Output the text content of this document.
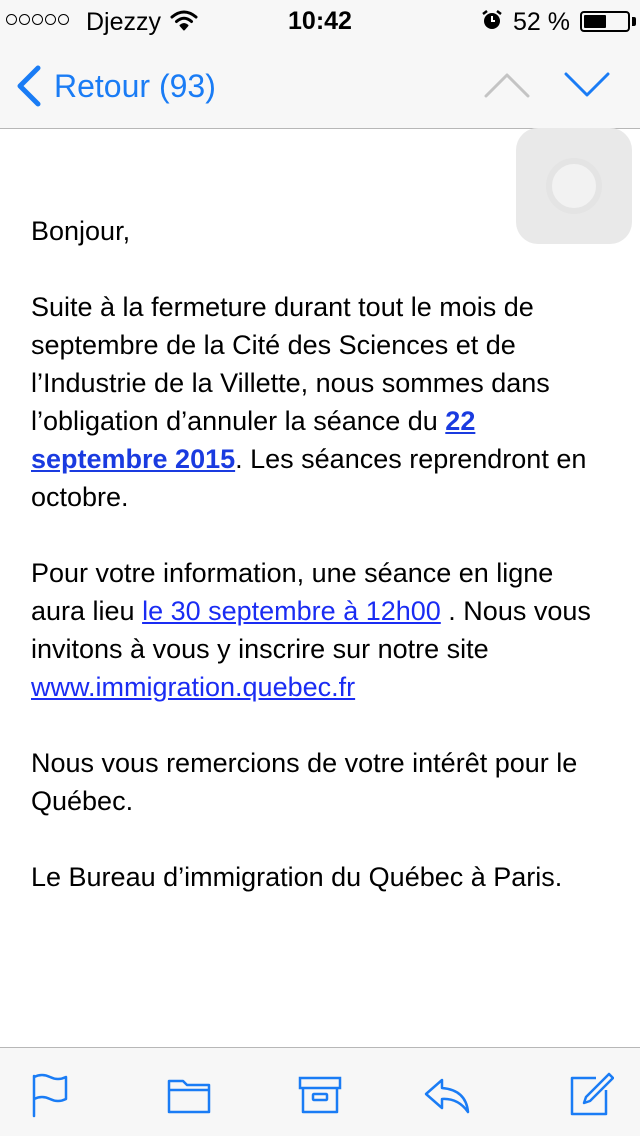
Djezzy	10:42	52 %
Retour (93)

Bonjour,

Suite à la fermeture durant tout le mois de septembre de la Cité des Sciences et de l’Industrie de la Villette, nous sommes dans l’obligation d’annuler la séance du 22 septembre 2015. Les séances reprendront en octobre.

Pour votre information, une séance en ligne aura lieu le 30 septembre à 12h00 . Nous vous invitons à vous y inscrire sur notre site www.immigration.quebec.fr

Nous vous remercions de votre intérêt pour le Québec.

Le Bureau d’immigration du Québec à Paris.
